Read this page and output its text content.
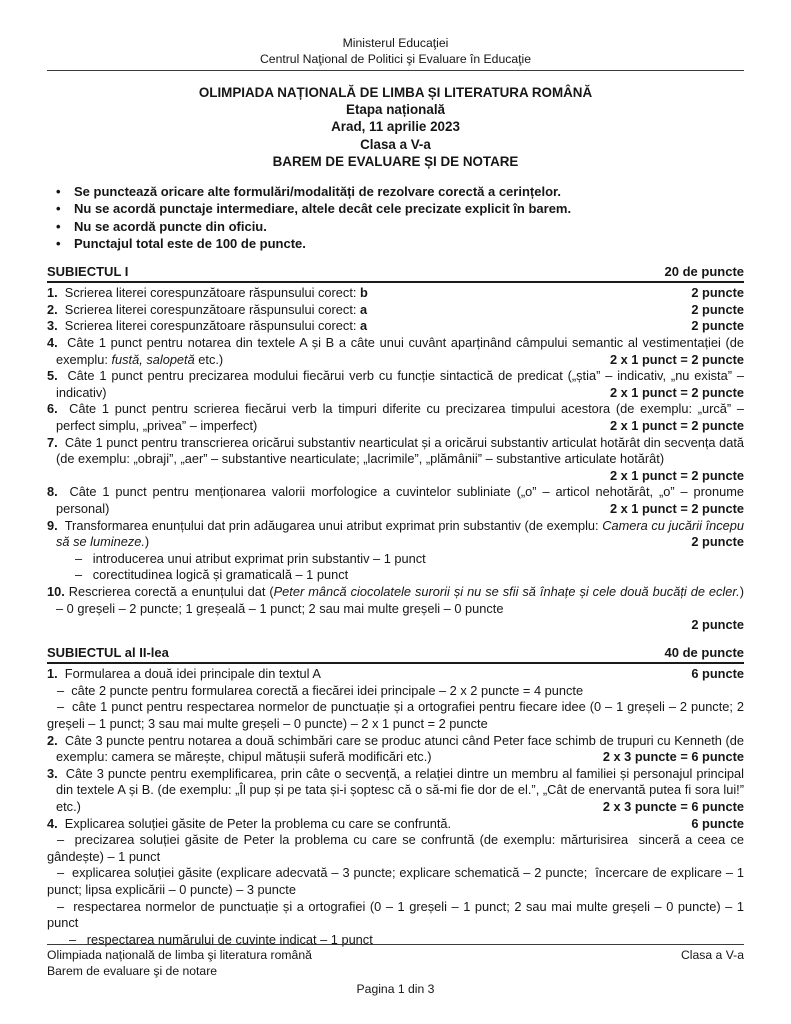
Ministerul Educaţiei
Centrul Naţional de Politici şi Evaluare în Educaţie
OLIMPIADA NAȚIONALĂ DE LIMBA ȘI LITERATURA ROMÂNĂ
Etapa națională
Arad, 11 aprilie 2023
Clasa a V-a
BAREM DE EVALUARE ȘI DE NOTARE
•	Se punctează oricare alte formulări/modalități de rezolvare corectă a cerințelor.
•	Nu se acordă punctaje intermediare, altele decât cele precizate explicit în barem.
•	Nu se acordă puncte din oficiu.
•	Punctajul total este de 100 de puncte.
SUBIECTUL I	20 de puncte
1.  Scrierea literei corespunzătoare răspunsului corect: b	2 puncte
2.  Scrierea literei corespunzătoare răspunsului corect: a	2 puncte
3.  Scrierea literei corespunzătoare răspunsului corect: a	2 puncte
4.  Câte 1 punct pentru notarea din textele A și B a câte unui cuvânt aparținând câmpului semantic al vestimentației (de exemplu: fustă, salopetă etc.)	2 x 1 punct = 2 puncte
5.  Câte 1 punct pentru precizarea modului fiecărui verb cu funcție sintactică de predicat („știa” – indicativ, „nu exista” – indicativ)	2 x 1 punct = 2 puncte
6.  Câte 1 punct pentru scrierea fiecărui verb la timpuri diferite cu precizarea timpului acestora (de exemplu: „urcă” – perfect simplu, „privea” – imperfect)	2 x 1 punct = 2 puncte
7.  Câte 1 punct pentru transcrierea oricărui substantiv nearticulat și a oricărui substantiv articulat hotărât din secvența dată (de exemplu: „obraji”, „aer” – substantive nearticulate; „lacrimile”, „plămânii” – substantive articulate hotărât)
2 x 1 punct = 2 puncte
8.  Câte 1 punct pentru menționarea valorii morfologice a cuvintelor subliniate („o” – articol nehotărât, „o” – pronume personal)	2 x 1 punct = 2 puncte
9.  Transformarea enunțului dat prin adăugarea unui atribut exprimat prin substantiv (de exemplu: Camera cu jucării începu să se lumineze.)	2 puncte
–   introducerea unui atribut exprimat prin substantiv – 1 punct
–   corectitudinea logică și gramaticală – 1 punct
10. Rescrierea corectă a enunțului dat (Peter mâncă ciocolatele surorii și nu se sfii să înhațe și cele două bucăți de ecler.) – 0 greșeli – 2 puncte; 1 greșeală – 1 punct; 2 sau mai multe greșeli – 0 puncte
2 puncte
SUBIECTUL al II-lea	40 de puncte
1.  Formularea a două idei principale din textul A	6 puncte
–  câte 2 puncte pentru formularea corectă a fiecărei idei principale – 2 x 2 puncte = 4 puncte
–  câte 1 punct pentru respectarea normelor de punctuație și a ortografiei pentru fiecare idee (0 – 1 greșeli – 2 puncte; 2 greșeli – 1 punct; 3 sau mai multe greșeli – 0 puncte) – 2 x 1 punct = 2 puncte
2.  Câte 3 puncte pentru notarea a două schimbări care se produc atunci când Peter face schimb de trupuri cu Kenneth (de exemplu: camera se mărește, chipul mătușii suferă modificări etc.)	2 x 3 puncte = 6 puncte
3.  Câte 3 puncte pentru exemplificarea, prin câte o secvență, a relației dintre un membru al familiei și personajul principal din textele A și B. (de exemplu: „Îl pup și pe tata și-i șoptesc că o să-mi fie dor de el.”, „Cât de enervantă putea fi sora lui!” etc.)	2 x 3 puncte = 6 puncte
4.  Explicarea soluției găsite de Peter la problema cu care se confruntă.	6 puncte
–  precizarea soluției găsite de Peter la problema cu care se confruntă (de exemplu: mărturisirea  sinceră a ceea ce gândește) – 1 punct
–  explicarea soluției găsite (explicare adecvată – 3 puncte; explicare schematică – 2 puncte;  încercare de explicare – 1 punct; lipsa explicării – 0 puncte) – 3 puncte
–  respectarea normelor de punctuație și a ortografiei (0 – 1 greșeli – 1 punct; 2 sau mai multe greșeli – 0 puncte) – 1 punct
–   respectarea numărului de cuvinte indicat – 1 punct
Olimpiada națională de limba şi literatura română
Barem de evaluare şi de notare
Clasa a V-a
Pagina 1 din 3
